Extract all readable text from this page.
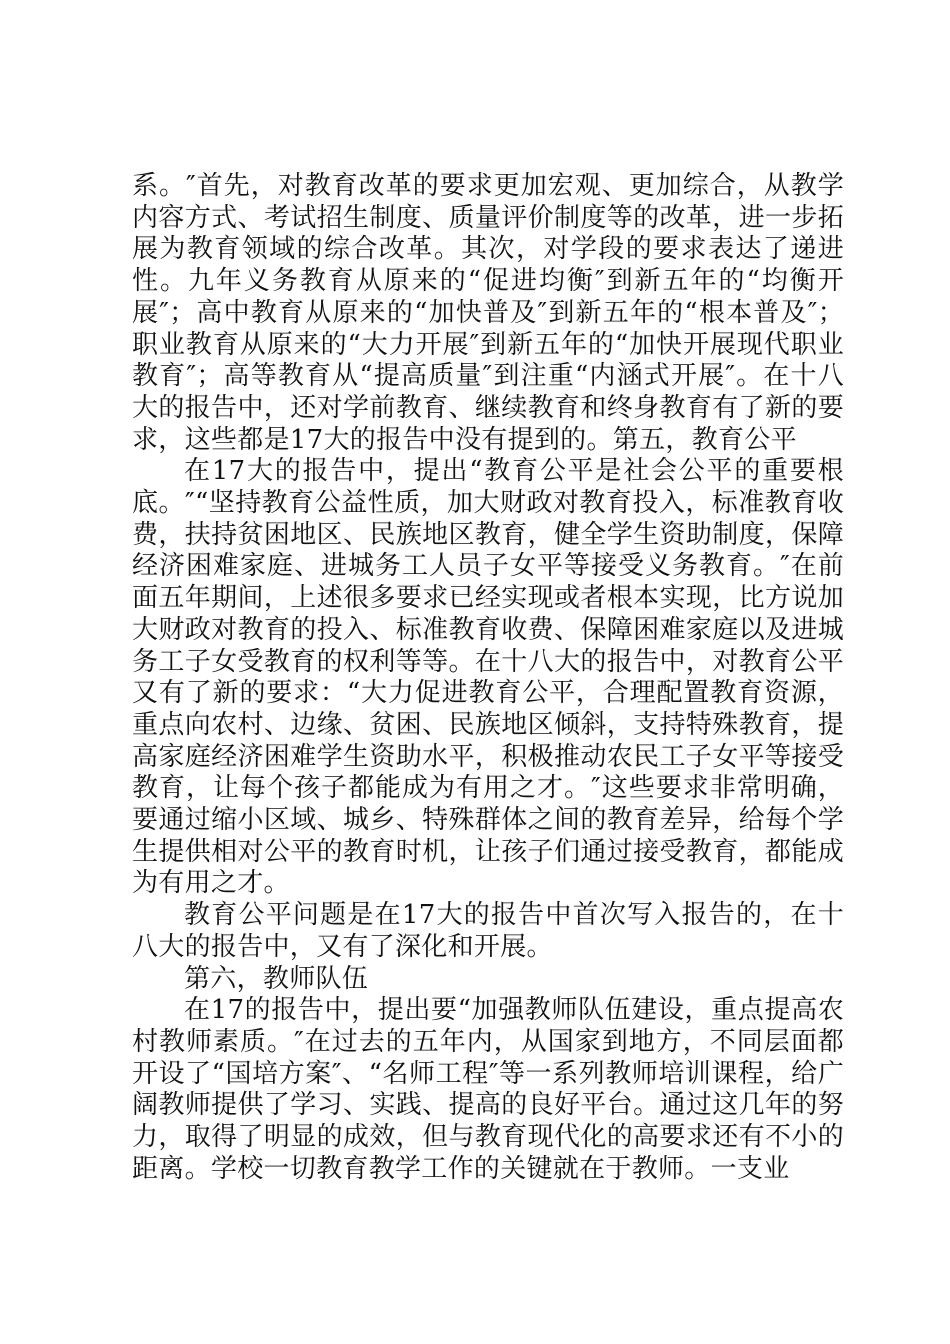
系。″首先，对教育改革的要求更加宏观、更加综合，从教学内容方式、考试招生制度、质量评价制度等的改革，进一步拓展为教育领域的综合改革。其次，对学段的要求表达了递进性。九年义务教育从原来的“促进均衡″到新五年的“均衡开展″；高中教育从原来的“加快普及″到新五年的“根本普及″；职业教育从原来的“大力开展″到新五年的“加快开展现代职业教育″；高等教育从“提高质量″到注重“内涵式开展″。在十八大的报告中，还对学前教育、继续教育和终身教育有了新的要求，这些都是17大的报告中没有提到的。第五，教育公平

在17大的报告中，提出“教育公平是社会公平的重要根底。″“坚持教育公益性质，加大财政对教育投入，标准教育收费，扶持贫困地区、民族地区教育，健全学生资助制度，保障经济困难家庭、进城务工人员子女平等接受义务教育。″在前面五年期间，上述很多要求已经实现或者根本实现，比方说加大财政对教育的投入、标准教育收费、保障困难家庭以及进城务工子女受教育的权利等等。在十八大的报告中，对教育公平又有了新的要求：“大力促进教育公平，合理配置教育资源，重点向农村、边缘、贫困、民族地区倾斜，支持特殊教育，提高家庭经济困难学生资助水平，积极推动农民工子女平等接受教育，让每个孩子都能成为有用之才。″这些要求非常明确，要通过缩小区域、城乡、特殊群体之间的教育差异，给每个学生提供相对公平的教育时机，让孩子们通过接受教育，都能成为有用之才。

教育公平问题是在17大的报告中首次写入报告的，在十八大的报告中，又有了深化和开展。

第六，教师队伍

在17的报告中，提出要“加强教师队伍建设，重点提高农村教师素质。″在过去的五年内，从国家到地方，不同层面都开设了“国培方案″、“名师工程″等一系列教师培训课程，给广阔教师提供了学习、实践、提高的良好平台。通过这几年的努力，取得了明显的成效，但与教育现代化的高要求还有不小的距离。学校一切教育教学工作的关键就在于教师。一支业
